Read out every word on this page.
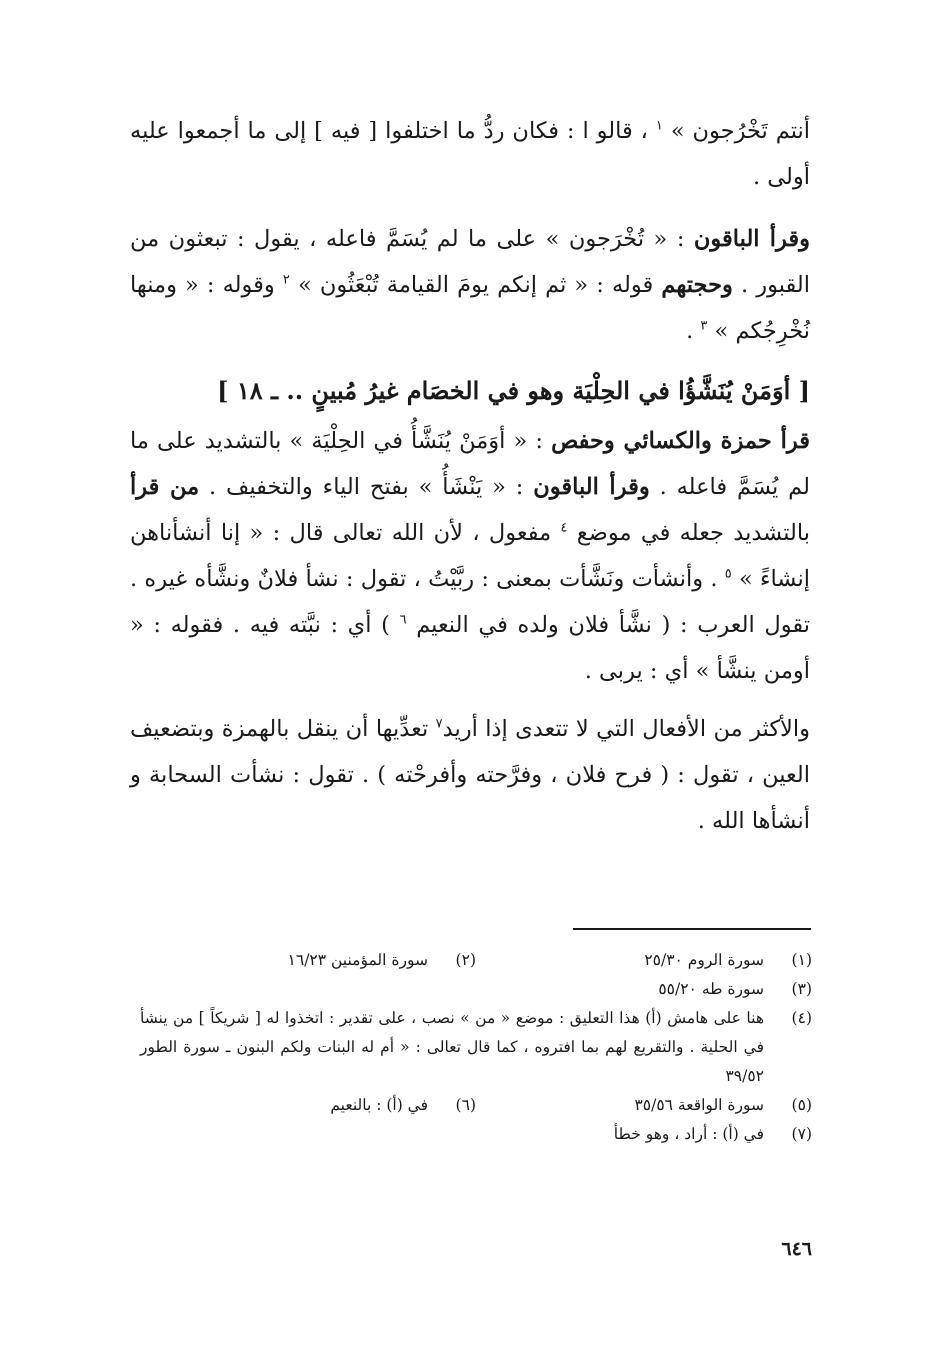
أنتم تَخْرُجون » $^١$ ، قالو ا : فكان ردُّ ما اختلفوا [ فيه ] إلى ما أجمعوا عليه أولى .

وقرأ الباقون : « تُخْرَجون » على ما لم يُسَمَّ فاعله ، يقول : تبعثون من القبور . وحجتهم قوله : « ثم إنكم يومَ القيامة تُبْعَثُون » $^٢$ وقوله : « ومنها نُخْرِجُكم » $^٣$ .

[ أوَمَنْ يُنَشَّؤُا في الحِلْيَة وهو في الخصَام غيرُ مُبينٍ .. ـ ١٨ ]

قرأ حمزة والكسائي وحفص : « أوَمَنْ يُنَشَّأُ في الحِلْيَة » بالتشديد على ما لم يُسَمَّ فاعله . وقرأ الباقون : « يَنْشَأُ » بفتح الياء والتخفيف . من قرأ بالتشديد جعله في موضع $^٤$ مفعول ، لأن الله تعالى قال : « إنا أنشأناهن إنشاءً » $^٥$ . وأنشأت ونَشَّأت بمعنى : ربَّيْتُ ، تقول : نشأ فلانٌ ونشَّأه غيره . تقول العرب : ( نشَّأ فلان ولده في النعيم $^٦$ ) أي : نبَّته فيه . فقوله : « أومن ينشَّأ » أي : يربى .

والأكثر من الأفعال التي لا تتعدى إذا أريد$^٧$ تعدِّيها أن ينقل بالهمزة وبتضعيف العين ، تقول : ( فرح فلان ، وفرَّحته وأفرحْته ) . تقول : نشأت السحابة و أنشأها الله .

(١)
سورة الروم ٢٥/٣٠
(٢)
سورة المؤمنين ١٦/٢٣
(٣)
سورة طه ٥٥/٢٠
(٤)
هنا على هامش (أ) هذا التعليق : موضع « من » نصب ، على تقدير : اتخذوا له [ شريكاً ] من ينشأ في الحلية . والتقريع لهم بما افتروه ، كما قال تعالى : « أم له البنات ولكم البنون ـ سورة الطور ٣٩/٥٢
(٥)
سورة الواقعة ٣٥/٥٦
(٦)
في (أ) : بالنعيم
(٧)
في (أ) : أراد ، وهو خطأ
٦٤٦
